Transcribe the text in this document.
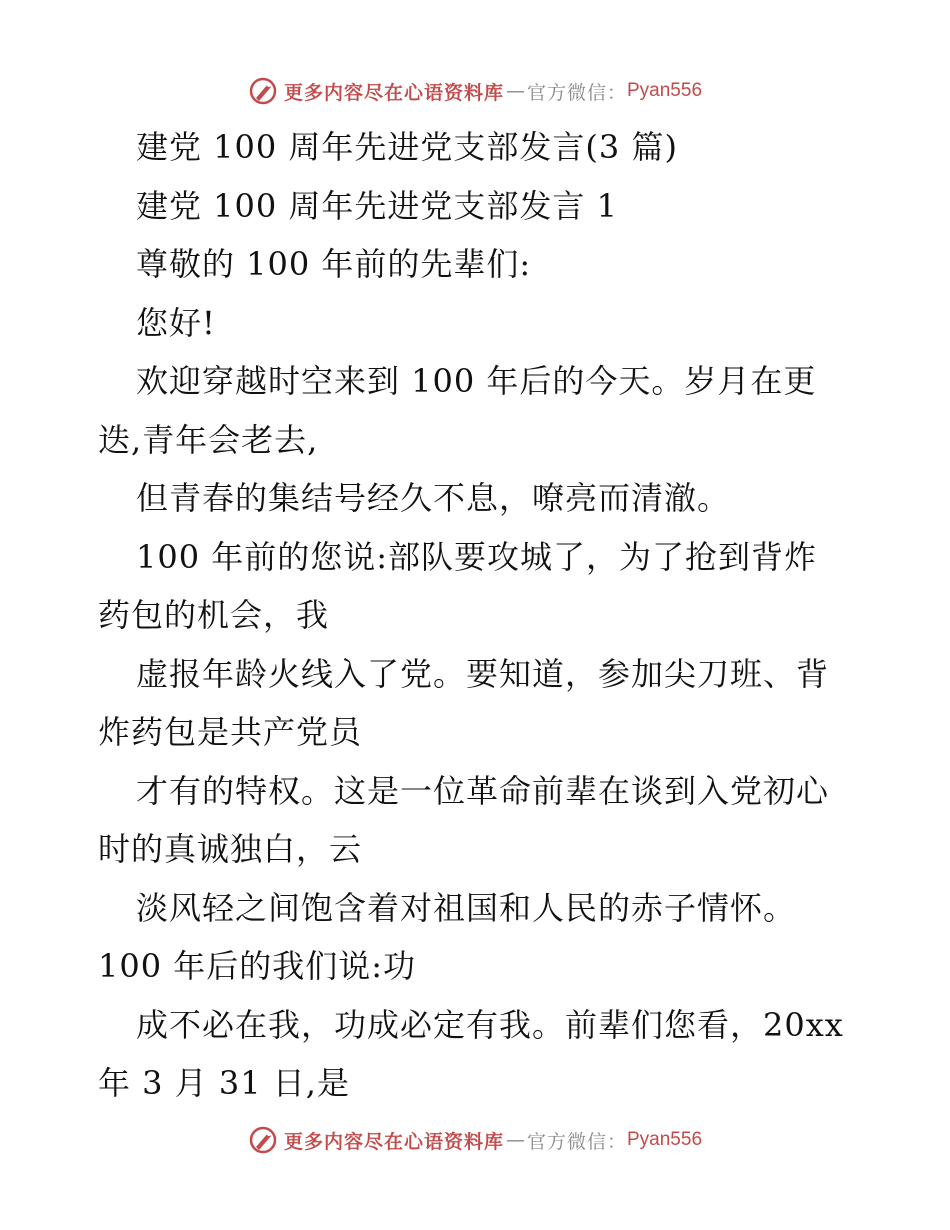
更多内容尽在心语资料库 — 官方微信： Pyan556
建党 100 周年先进党支部发言(3 篇)
建党 100 周年先进党支部发言 1
尊敬的 100 年前的先辈们:
您好!
欢迎穿越时空来到 100 年后的今天。岁月在更
迭,青年会老去,
但青春的集结号经久不息，嘹亮而清澈。
100 年前的您说:部队要攻城了，为了抢到背炸
药包的机会，我
虚报年龄火线入了党。要知道，参加尖刀班、背
炸药包是共产党员
才有的特权。这是一位革命前辈在谈到入党初心
时的真诚独白，云
淡风轻之间饱含着对祖国和人民的赤子情怀。
100 年后的我们说:功
成不必在我，功成必定有我。前辈们您看，20xx
年 3 月 31 日,是
更多内容尽在心语资料库 — 官方微信： Pyan556
